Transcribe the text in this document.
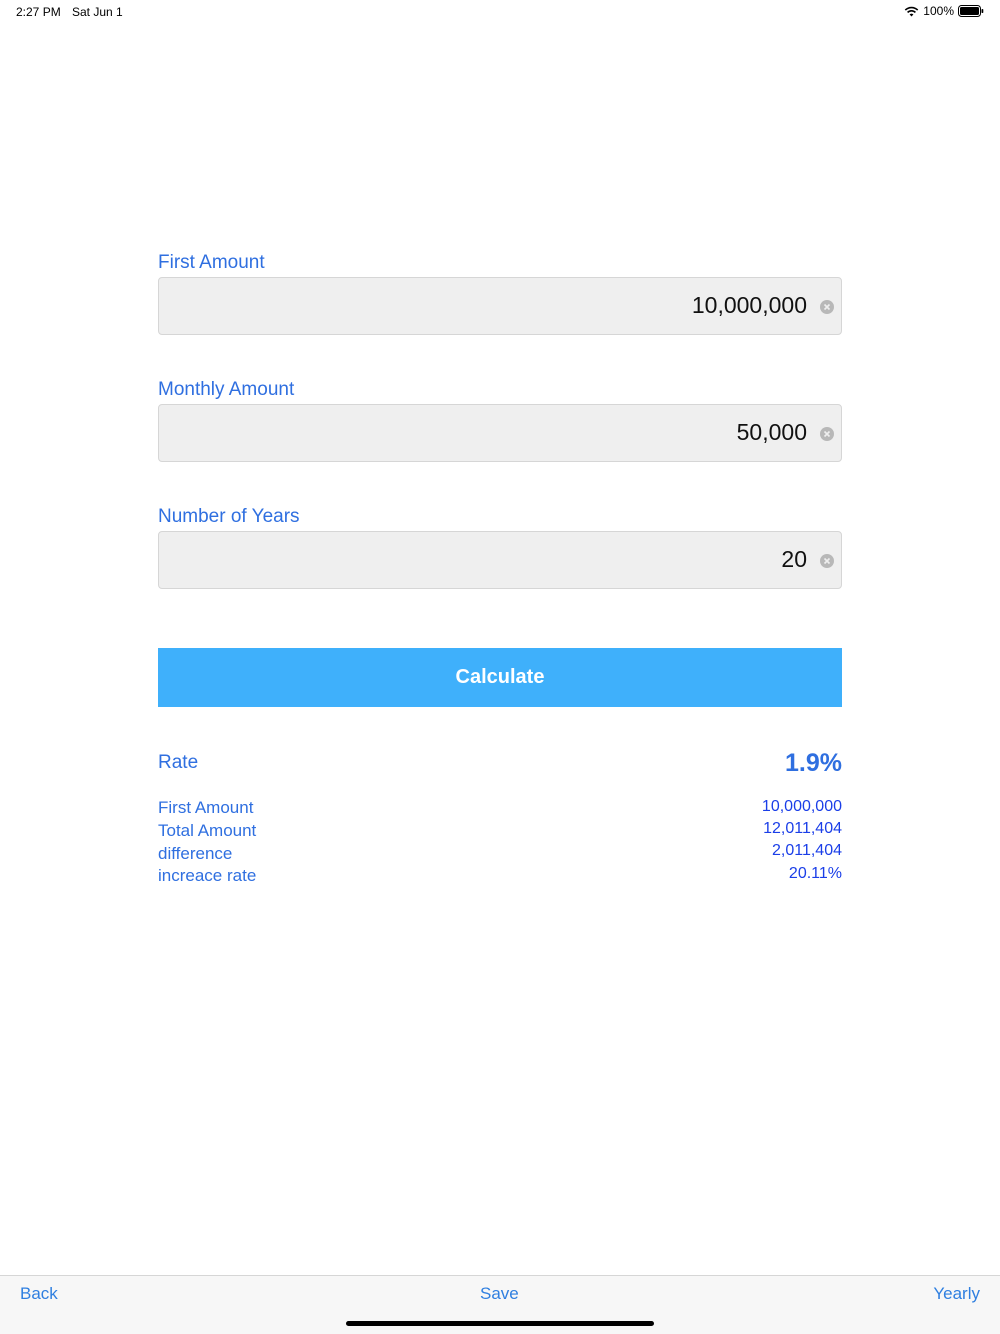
2:27 PM Sat Jun 1	100%
First Amount
10,000,000
Monthly Amount
50,000
Number of Years
20
Calculate
Rate	1.9%
First Amount	10,000,000
Total Amount	12,011,404
difference	2,011,404
increace rate	20.11%
Back	Save	Yearly
